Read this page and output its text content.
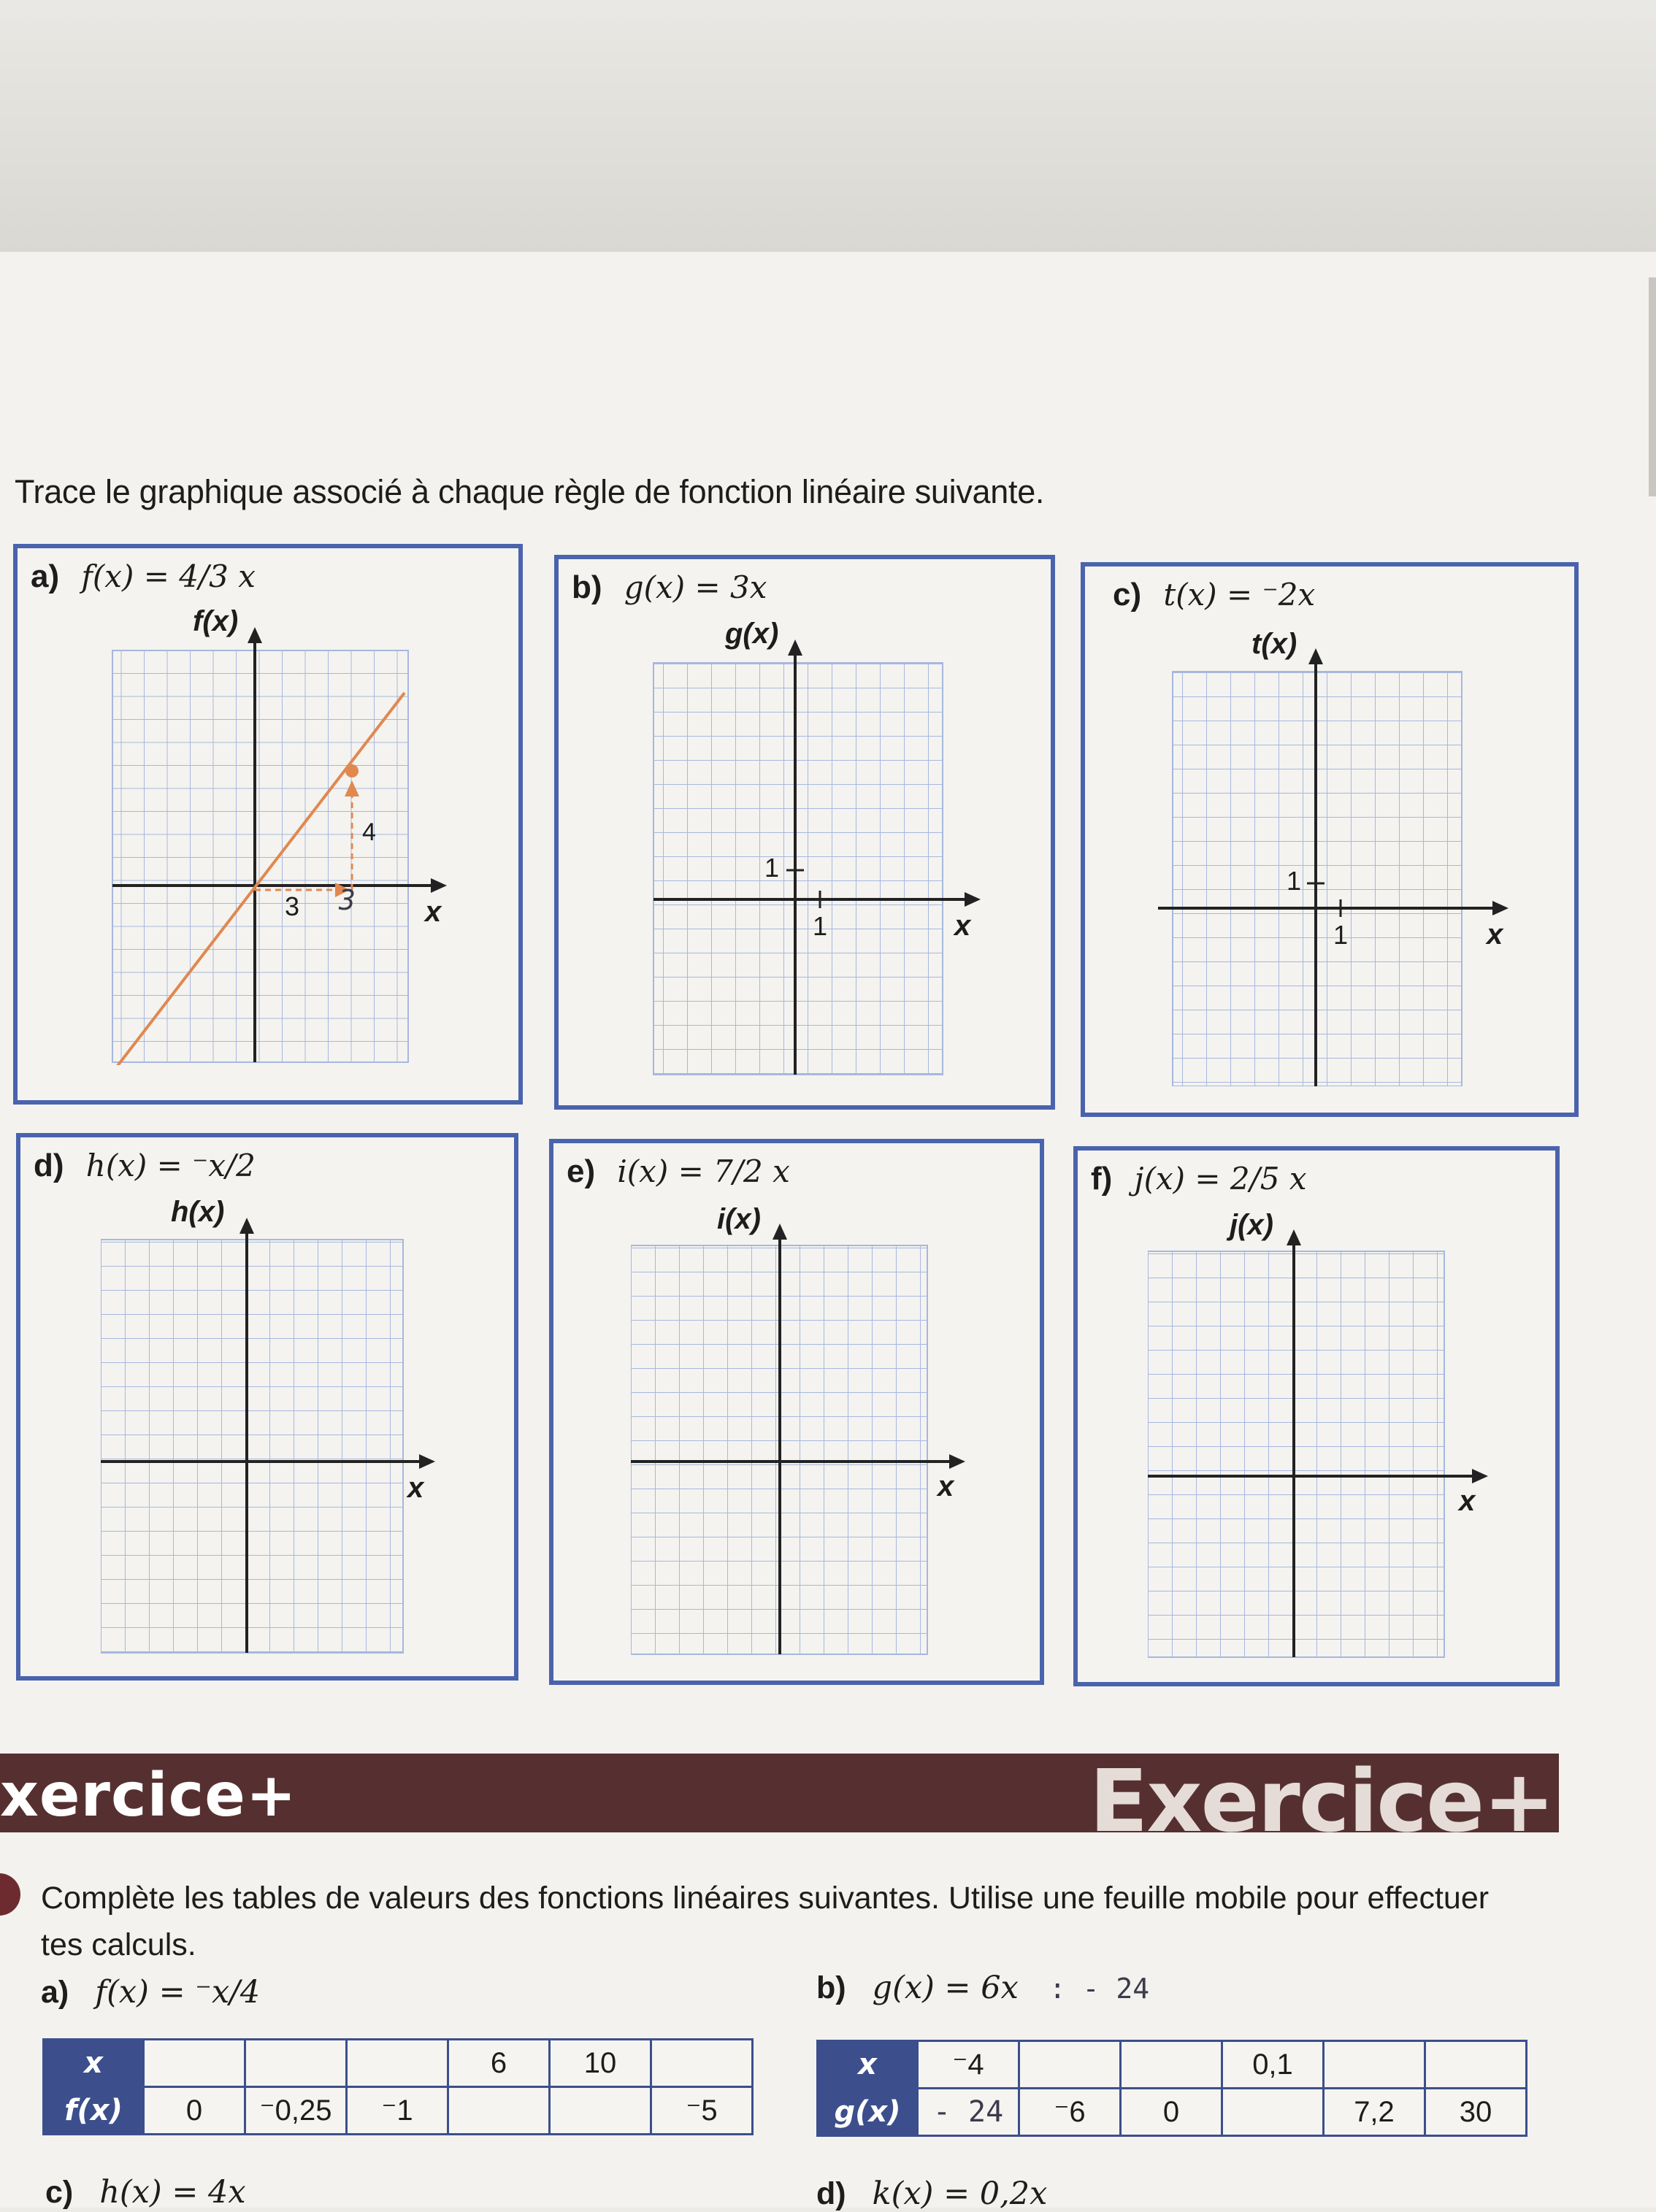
Trace le graphique associé à chaque règle de fonction linéaire suivante.
a) f(x) = 4/3 x
f(x)
x
3
4
3
b) g(x) = 3x
g(x)
x
1
1
c) t(x) = ⁻2x
t(x)
x
1
1
d) h(x) = ⁻x/2
h(x)
x
e) i(x) = 7/2 x
i(x)
x
f) j(x) = 2/5 x
j(x)
x
xercice+	Exercice+
Complète les tables de valeurs des fonctions linéaires suivantes. Utilise une feuille mobile pour effectuer tes calculs.
a) f(x) = ⁻x/4	b) g(x) = 6x : - 24
x				6	10	
f(x)	0	⁻0,25	⁻1			⁻5
x	⁻4			0,1		
g(x)	- 24	⁻6	0		7,2	30
c) h(x) = 4x	d) k(x) = 0,2x
